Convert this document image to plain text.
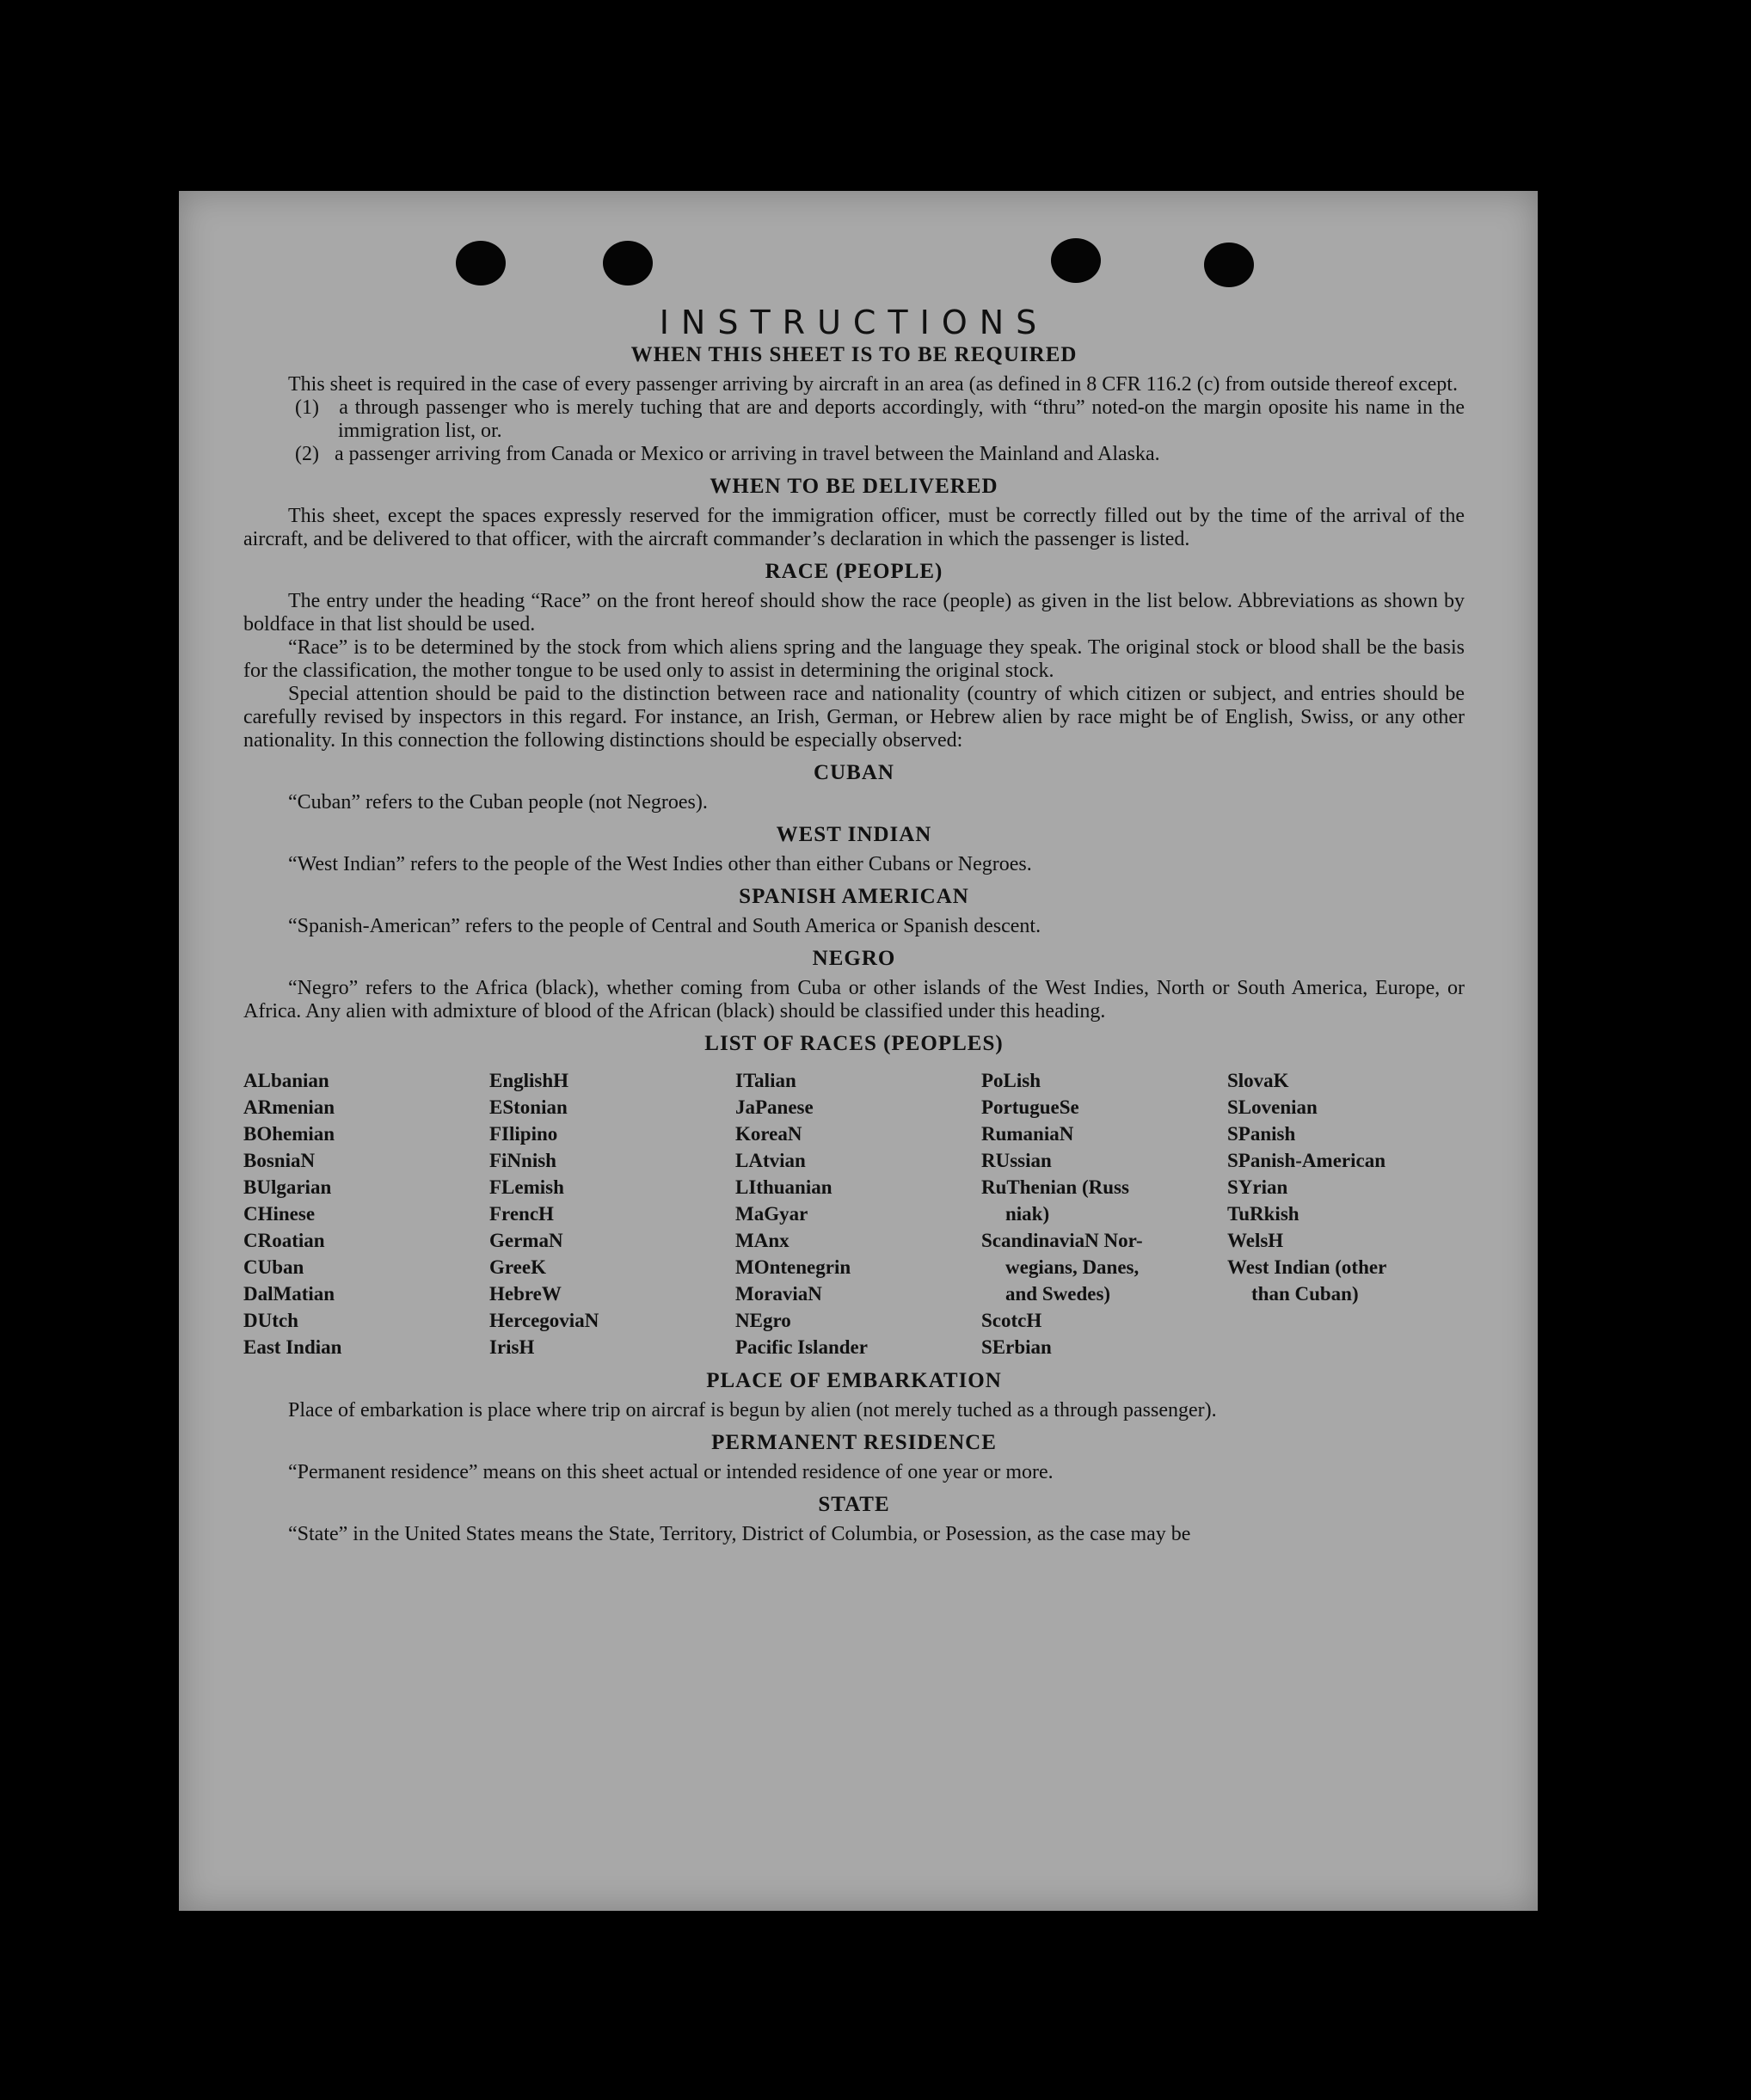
INSTRUCTIONS
WHEN THIS SHEET IS TO BE REQUIRED

This sheet is required in the case of every passenger arriving by aircraft in an area (as defined in 8 CFR 116.2 (c) from outside thereof except.

(1) a through passenger who is merely tuching that are and deports accordingly, with “thru” noted-on the margin oposite his name in the immigration list, or.
(2) a passenger arriving from Canada or Mexico or arriving in travel between the Mainland and Alaska.
WHEN TO BE DELIVERED

This sheet, except the spaces expressly reserved for the immigration officer, must be correctly filled out by the time of the arrival of the aircraft, and be delivered to that officer, with the aircraft commander’s declaration in which the passenger is listed.

RACE (PEOPLE)

The entry under the heading “Race” on the front hereof should show the race (people) as given in the list below. Abbreviations as shown by boldface in that list should be used.

“Race” is to be determined by the stock from which aliens spring and the language they speak. The original stock or blood shall be the basis for the classification, the mother tongue to be used only to assist in determining the original stock.

Special attention should be paid to the distinction between race and nationality (country of which citizen or subject, and entries should be carefully revised by inspectors in this regard. For instance, an Irish, German, or Hebrew alien by race might be of English, Swiss, or any other nationality. In this connection the following distinctions should be especially observed:

CUBAN

“Cuban” refers to the Cuban people (not Negroes).

WEST INDIAN

“West Indian” refers to the people of the West Indies other than either Cubans or Negroes.

SPANISH AMERICAN

“Spanish-American” refers to the people of Central and South America or Spanish descent.

NEGRO

“Negro” refers to the Africa (black), whether coming from Cuba or other islands of the West Indies, North or South America, Europe, or Africa. Any alien with admixture of blood of the African (black) should be classified under this heading.

LIST OF RACES (PEOPLES)
ALbanian
ARmenian
BOhemian
BosniaN
BUlgarian
CHinese
CRoatian
CUban
DalMatian
DUtch
East Indian
EnglishH
EStonian
FIlipino
FiNnish
FLemish
FrencH
GermaN
GreeK
HebreW
HercegoviaN
IrisH
ITalian
JaPanese
KoreaN
LAtvian
LIthuanian
MaGyar
MAnx
MOntenegrin
MoraviaN
NEgro
Pacific Islander
PoLish
PortugueSe
RumaniaN
RUssian
RuThenian (Russ
niak)
ScandinaviaN Nor-
wegians, Danes,
and Swedes)
ScotcH
SErbian
SlovaK
SLovenian
SPanish
SPanish-American
SYrian
TuRkish
WelsH
West Indian (other
than Cuban)
PLACE OF EMBARKATION

Place of embarkation is place where trip on aircraf is begun by alien (not merely tuched as a through passenger).

PERMANENT RESIDENCE

“Permanent residence” means on this sheet actual or intended residence of one year or more.

STATE

“State” in the United States means the State, Territory, District of Columbia, or Posession, as the case may be
